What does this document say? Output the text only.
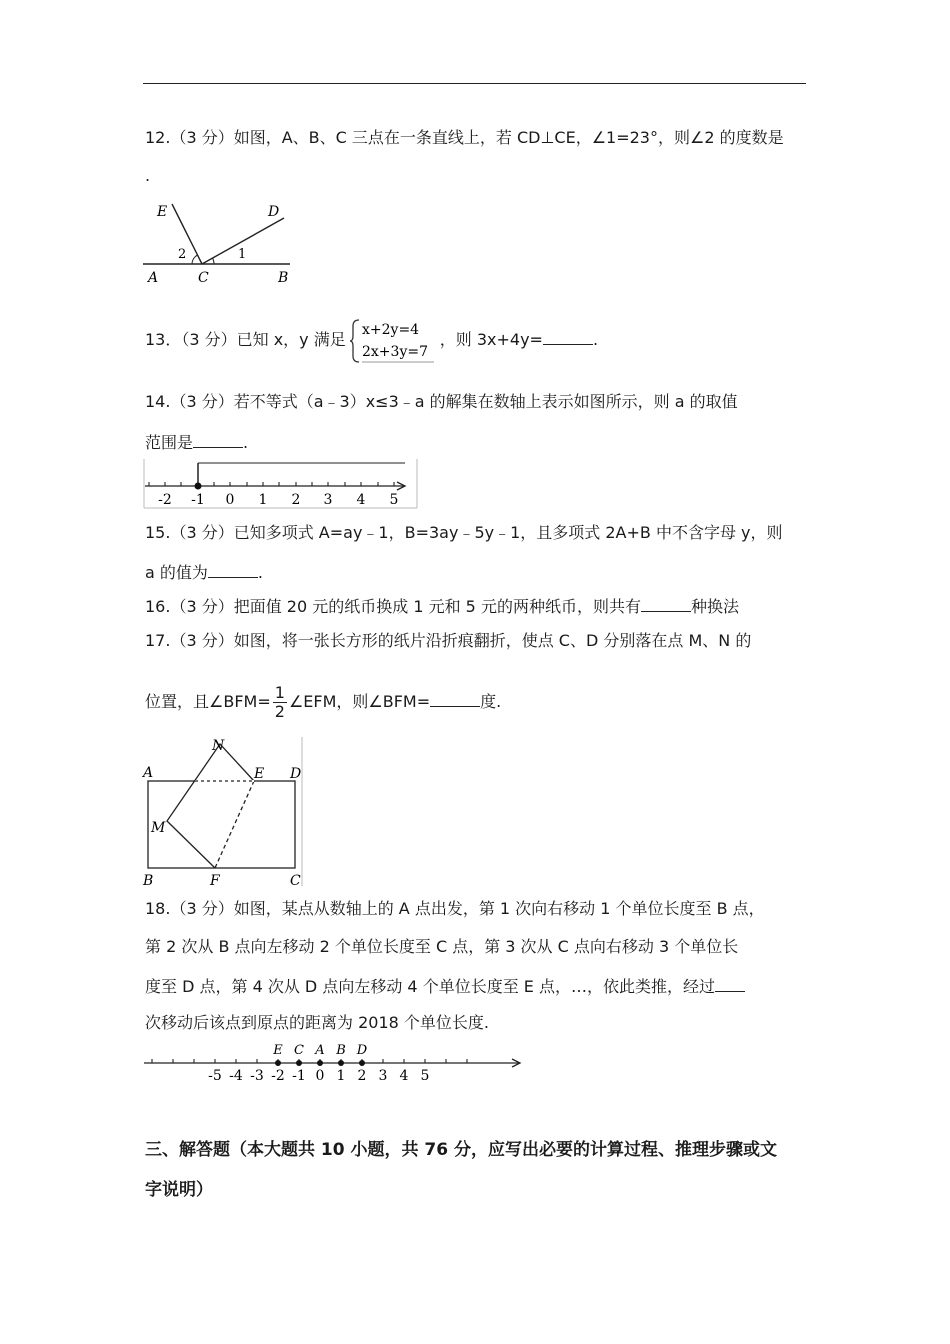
12.（3 分）如图，A、B、C 三点在一条直线上，若 CD⊥CE，∠1=23°，则∠2 的度数是
.
E	D
2	1
A	C	B
13．（3 分）已知 x，y 满足
x+2y=4
2x+3y=7
，则 3x+4y=	.
14.（3 分）若不等式（a﹣3）x≤3﹣a 的解集在数轴上表示如图所示，则 a 的取值
范围是	.
-2 -1 0 1 2 3 4 5
15.（3 分）已知多项式 A=ay﹣1，B=3ay﹣5y﹣1，且多项式 2A+B 中不含字母 y，则
a 的值为	.
16.（3 分）把面值 20 元的纸币换成 1 元和 5 元的两种纸币，则共有	种换法
17.（3 分）如图，将一张长方形的纸片沿折痕翻折，使点 C、D 分别落在点 M、N 的
位置，且∠BFM= $\frac{1}{2}$ ∠EFM，则∠BFM=	度.
A
N
E D
M
B	F	C
18.（3 分）如图，某点从数轴上的 A 点出发，第 1 次向右移动 1 个单位长度至 B 点，
第 2 次从 B 点向左移动 2 个单位长度至 C 点，第 3 次从 C 点向右移动 3 个单位长
度至 D 点，第 4 次从 D 点向左移动 4 个单位长度至 E 点，…，依此类推，经过
次移动后该点到原点的距离为 2018 个单位长度.
E C A B D
-5 -4 -3 -2 -1 0 1 2 3 4 5
三、解答题（本大题共 10 小题，共 76 分，应写出必要的计算过程、推理步骤或文
字说明）
